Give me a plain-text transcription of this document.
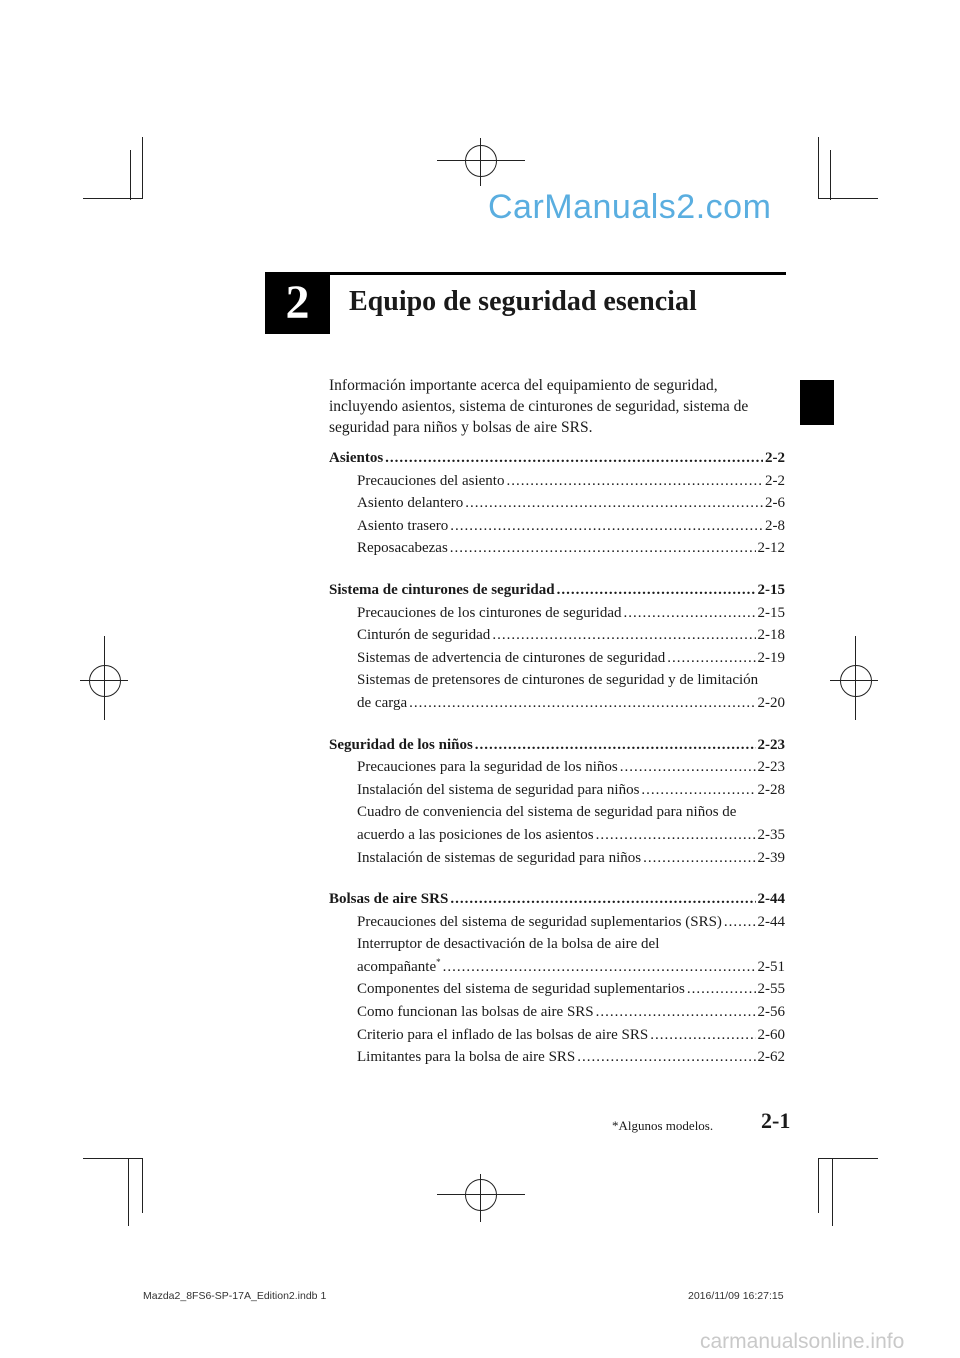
CarManuals2.com
2	Equipo de seguridad esencial
Información importante acerca del equipamiento de seguridad, incluyendo asientos, sistema de cinturones de seguridad, sistema de seguridad para niños y bolsas de aire SRS.
Asientos .....	2-2
Precauciones del asiento .....	2-2
Asiento delantero .....	2-6
Asiento trasero .....	2-8
Reposacabezas .....	2-12
Sistema de cinturones de seguridad .....	2-15
Precauciones de los cinturones de seguridad .....	2-15
Cinturón de seguridad .....	2-18
Sistemas de advertencia de cinturones de seguridad .....	2-19
Sistemas de pretensores de cinturones de seguridad y de limitación
de carga .....	2-20
Seguridad de los niños .....	2-23
Precauciones para la seguridad de los niños .....	2-23
Instalación del sistema de seguridad para niños .....	2-28
Cuadro de conveniencia del sistema de seguridad para niños de
acuerdo a las posiciones de los asientos .....	2-35
Instalación de sistemas de seguridad para niños .....	2-39
Bolsas de aire SRS .....	2-44
Precauciones del sistema de seguridad suplementarios (SRS) ..... 2-44
Interruptor de desactivación de la bolsa de aire del
acompañante* .....	2-51
Componentes del sistema de seguridad suplementarios .....	2-55
Como funcionan las bolsas de aire SRS .....	2-56
Criterio para el inflado de las bolsas de aire SRS .....	2-60
Limitantes para la bolsa de aire SRS .....	2-62
*Algunos modelos. 2-1
Mazda2_8FS6-SP-17A_Edition2.indb 1	2016/11/09 16:27:15
carmanualsonline.info
